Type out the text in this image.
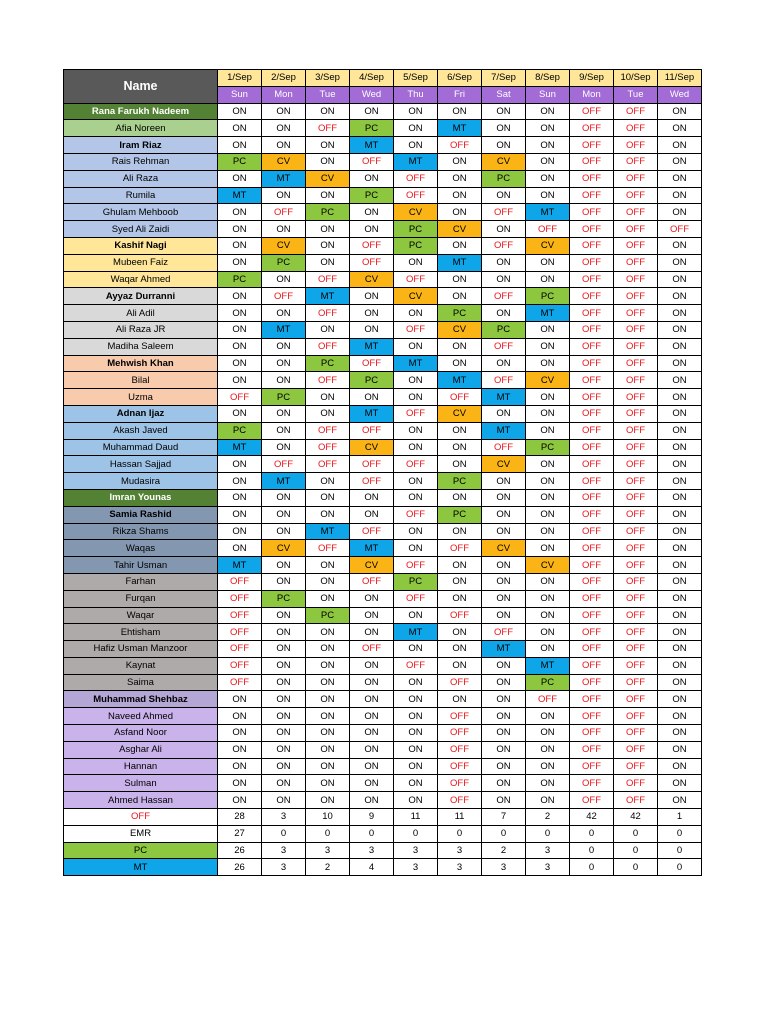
Name	1/Sep	2/Sep	3/Sep	4/Sep	5/Sep	6/Sep	7/Sep	8/Sep	9/Sep	10/Sep	11/Sep
	Sun	Mon	Tue	Wed	Thu	Fri	Sat	Sun	Mon	Tue	Wed
Rana Farukh Nadeem	ON	ON	ON	ON	ON	ON	ON	ON	OFF	OFF	ON
Afia Noreen	ON	ON	OFF	PC	ON	MT	ON	ON	OFF	OFF	ON
Iram Riaz	ON	ON	ON	MT	ON	OFF	ON	ON	OFF	OFF	ON
Rais Rehman	PC	CV	ON	OFF	MT	ON	CV	ON	OFF	OFF	ON
Ali Raza	ON	MT	CV	ON	OFF	ON	PC	ON	OFF	OFF	ON
Rumila	MT	ON	ON	PC	OFF	ON	ON	ON	OFF	OFF	ON
Ghulam Mehboob	ON	OFF	PC	ON	CV	ON	OFF	MT	OFF	OFF	ON
Syed Ali Zaidi	ON	ON	ON	ON	PC	CV	ON	OFF	OFF	OFF	OFF
Kashif Nagi	ON	CV	ON	OFF	PC	ON	OFF	CV	OFF	OFF	ON
Mubeen Faiz	ON	PC	ON	OFF	ON	MT	ON	ON	OFF	OFF	ON
Waqar Ahmed	PC	ON	OFF	CV	OFF	ON	ON	ON	OFF	OFF	ON
Ayyaz Durranni	ON	OFF	MT	ON	CV	ON	OFF	PC	OFF	OFF	ON
Ali Adil	ON	ON	OFF	ON	ON	PC	ON	MT	OFF	OFF	ON
Ali Raza JR	ON	MT	ON	ON	OFF	CV	PC	ON	OFF	OFF	ON
Madiha Saleem	ON	ON	OFF	MT	ON	ON	OFF	ON	OFF	OFF	ON
Mehwish Khan	ON	ON	PC	OFF	MT	ON	ON	ON	OFF	OFF	ON
Bilal	ON	ON	OFF	PC	ON	MT	OFF	CV	OFF	OFF	ON
Uzma	OFF	PC	ON	ON	ON	OFF	MT	ON	OFF	OFF	ON
Adnan Ijaz	ON	ON	ON	MT	OFF	CV	ON	ON	OFF	OFF	ON
Akash Javed	PC	ON	OFF	OFF	ON	ON	MT	ON	OFF	OFF	ON
Muhammad Daud	MT	ON	OFF	CV	ON	ON	OFF	PC	OFF	OFF	ON
Hassan Sajjad	ON	OFF	OFF	OFF	OFF	ON	CV	ON	OFF	OFF	ON
Mudasira	ON	MT	ON	OFF	ON	PC	ON	ON	OFF	OFF	ON
Imran Younas	ON	ON	ON	ON	ON	ON	ON	ON	OFF	OFF	ON
Samia Rashid	ON	ON	ON	ON	OFF	PC	ON	ON	OFF	OFF	ON
Rikza Shams	ON	ON	MT	OFF	ON	ON	ON	ON	OFF	OFF	ON
Waqas	ON	CV	OFF	MT	ON	OFF	CV	ON	OFF	OFF	ON
Tahir Usman	MT	ON	ON	CV	OFF	ON	ON	CV	OFF	OFF	ON
Farhan	OFF	ON	ON	OFF	PC	ON	ON	ON	OFF	OFF	ON
Furqan	OFF	PC	ON	ON	OFF	ON	ON	ON	OFF	OFF	ON
Waqar	OFF	ON	PC	ON	ON	OFF	ON	ON	OFF	OFF	ON
Ehtisham	OFF	ON	ON	ON	MT	ON	OFF	ON	OFF	OFF	ON
Hafiz Usman Manzoor	OFF	ON	ON	OFF	ON	ON	MT	ON	OFF	OFF	ON
Kaynat	OFF	ON	ON	ON	OFF	ON	ON	MT	OFF	OFF	ON
Saima	OFF	ON	ON	ON	ON	OFF	ON	PC	OFF	OFF	ON
Muhammad Shehbaz	ON	ON	ON	ON	ON	ON	ON	OFF	OFF	OFF	ON
Naveed Ahmed	ON	ON	ON	ON	ON	OFF	ON	ON	OFF	OFF	ON
Asfand Noor	ON	ON	ON	ON	ON	OFF	ON	ON	OFF	OFF	ON
Asghar Ali	ON	ON	ON	ON	ON	OFF	ON	ON	OFF	OFF	ON
Hannan	ON	ON	ON	ON	ON	OFF	ON	ON	OFF	OFF	ON
Sulman	ON	ON	ON	ON	ON	OFF	ON	ON	OFF	OFF	ON
Ahmed Hassan	ON	ON	ON	ON	ON	OFF	ON	ON	OFF	OFF	ON
OFF	28	3	10	9	11	11	7	2	42	42	1
EMR	27	0	0	0	0	0	0	0	0	0	0
PC	26	3	3	3	3	3	2	3	0	0	0
MT	26	3	2	4	3	3	3	3	0	0	0
